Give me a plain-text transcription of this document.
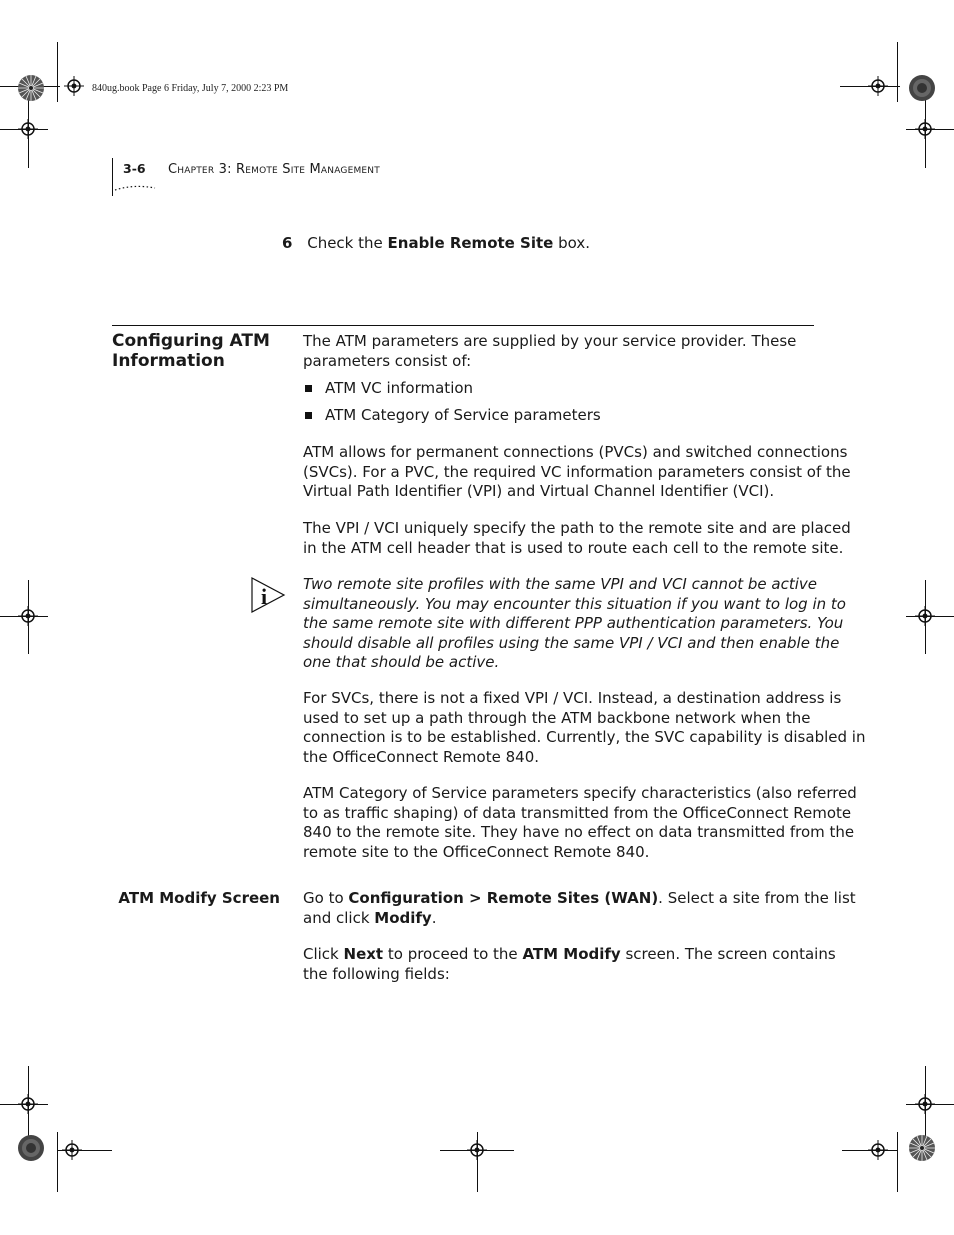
840ug.book Page 6 Friday, July 7, 2000 2:23 PM
3-6 Chapter 3: Remote Site Management
6 Check the Enable Remote Site box.
Configuring ATM
Information

The ATM parameters are supplied by your service provider. These

parameters consist of:

ATM VC information
ATM Category of Service parameters

ATM allows for permanent connections (PVCs) and switched connections

(SVCs). For a PVC, the required VC information parameters consist of the

Virtual Path Identifier (VPI) and Virtual Channel Identifier (VCI).

The VPI / VCI uniquely specify the path to the remote site and are placed

in the ATM cell header that is used to route each cell to the remote site.

i Two remote site profiles with the same VPI and VCI cannot be active

simultaneously. You may encounter this situation if you want to log in to

the same remote site with different PPP authentication parameters. You

should disable all profiles using the same VPI / VCI and then enable the

one that should be active.

For SVCs, there is not a fixed VPI / VCI. Instead, a destination address is

used to set up a path through the ATM backbone network when the

connection is to be established. Currently, the SVC capability is disabled in

the OfficeConnect Remote 840.

ATM Category of Service parameters specify characteristics (also referred

to as traffic shaping) of data transmitted from the OfficeConnect Remote

840 to the remote site. They have no effect on data transmitted from the

remote site to the OfficeConnect Remote 840.

ATM Modify Screen Go to Configuration > Remote Sites (WAN). Select a site from the list

and click Modify.

Click Next to proceed to the ATM Modify screen. The screen contains

the following fields:
